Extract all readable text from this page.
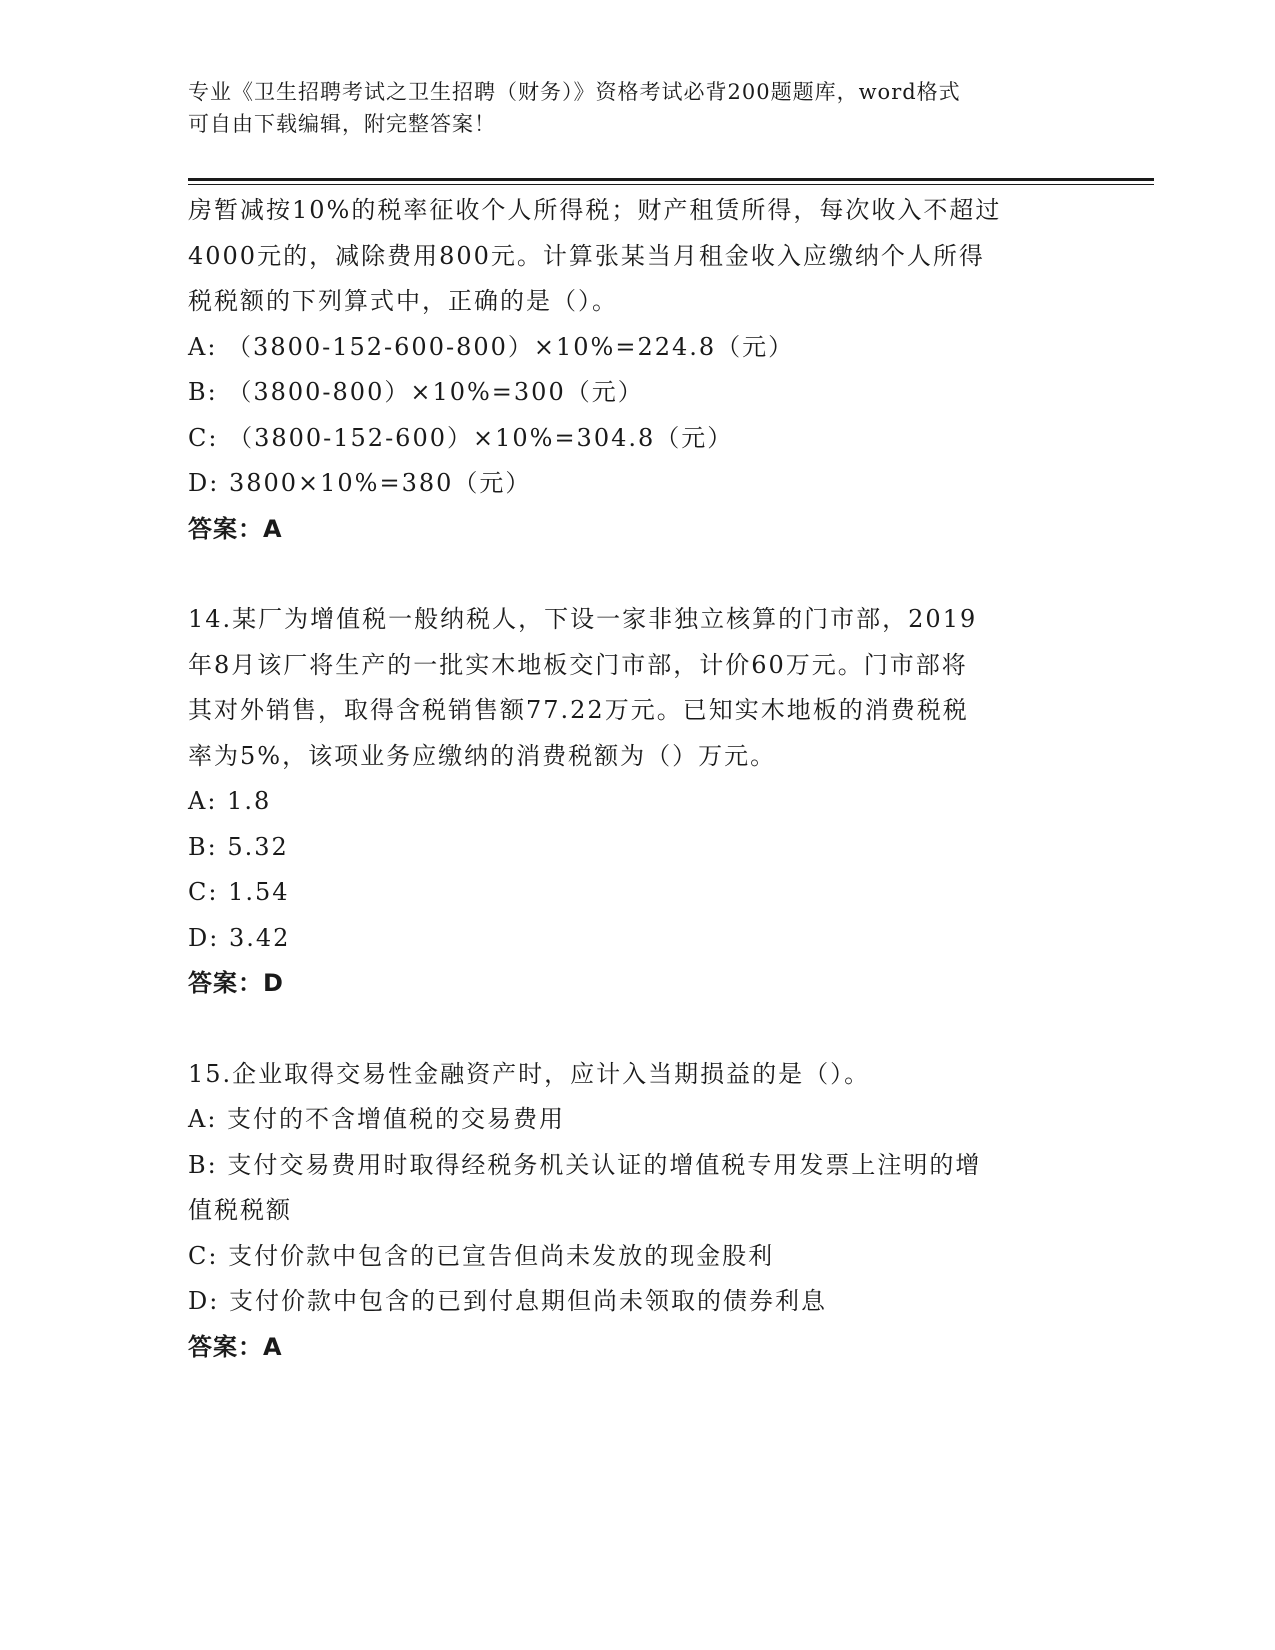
专业《卫生招聘考试之卫生招聘（财务）》资格考试必背200题题库，word格式
可自由下载编辑，附完整答案！

房暂减按10%的税率征收个人所得税；财产租赁所得，每次收入不超过

4000元的，减除费用800元。计算张某当月租金收入应缴纳个人所得

税税额的下列算式中，正确的是（）。

A: （3800-152-600-800）×10%=224.8（元）

B: （3800-800）×10%=300（元）

C: （3800-152-600）×10%=304.8（元）

D: 3800×10%=380（元）

答案：A

14.某厂为增值税一般纳税人，下设一家非独立核算的门市部，2019

年8月该厂将生产的一批实木地板交门市部，计价60万元。门市部将

其对外销售，取得含税销售额77.22万元。已知实木地板的消费税税

率为5%，该项业务应缴纳的消费税额为（）万元。

A: 1.8

B: 5.32

C: 1.54

D: 3.42

答案：D

15.企业取得交易性金融资产时，应计入当期损益的是（）。

A: 支付的不含增值税的交易费用

B: 支付交易费用时取得经税务机关认证的增值税专用发票上注明的增

值税税额

C: 支付价款中包含的已宣告但尚未发放的现金股利

D: 支付价款中包含的已到付息期但尚未领取的债券利息

答案：A
